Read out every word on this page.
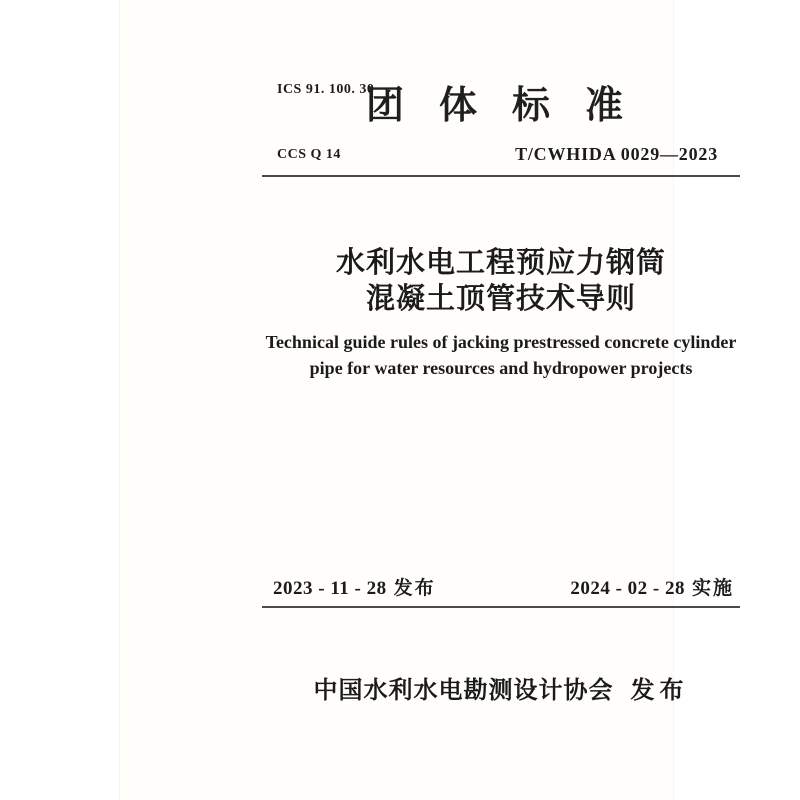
ICS 91. 100. 30

CCS Q 14

团体标准
T/CWHIDA 0029—2023
水利水电工程预应力钢筒
混凝土顶管技术导则
Technical guide rules of jacking prestressed concrete cylinder
pipe for water resources and hydropower projects
2023 - 11 - 28 发布	2024 - 02 - 28 实施
中国水利水电勘测设计协会 发布
